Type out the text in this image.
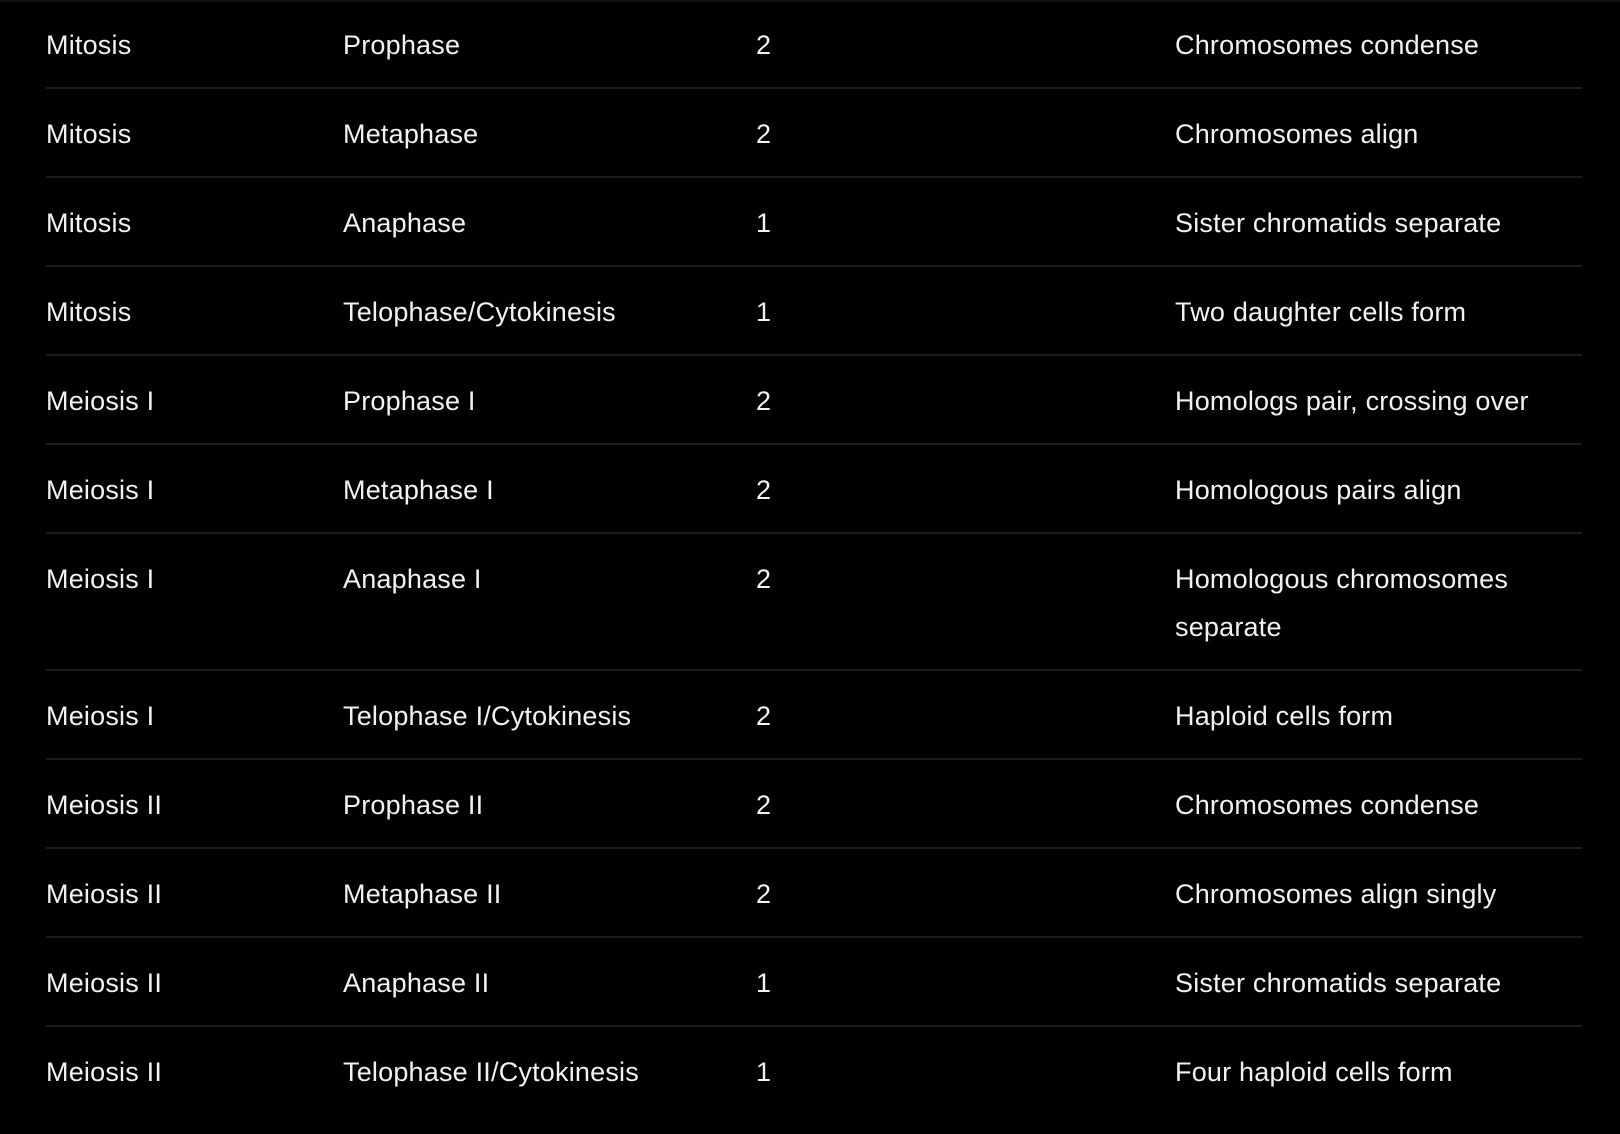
Mitosis	Prophase	2	Chromosomes condense
Mitosis	Metaphase	2	Chromosomes align
Mitosis	Anaphase	1	Sister chromatids separate
Mitosis	Telophase/Cytokinesis	1	Two daughter cells form
Meiosis I	Prophase I	2	Homologs pair, crossing over
Meiosis I	Metaphase I	2	Homologous pairs align
Meiosis I	Anaphase I	2	Homologous chromosomes separate
Meiosis I	Telophase I/Cytokinesis	2	Haploid cells form
Meiosis II	Prophase II	2	Chromosomes condense
Meiosis II	Metaphase II	2	Chromosomes align singly
Meiosis II	Anaphase II	1	Sister chromatids separate
Meiosis II	Telophase II/Cytokinesis	1	Four haploid cells form
